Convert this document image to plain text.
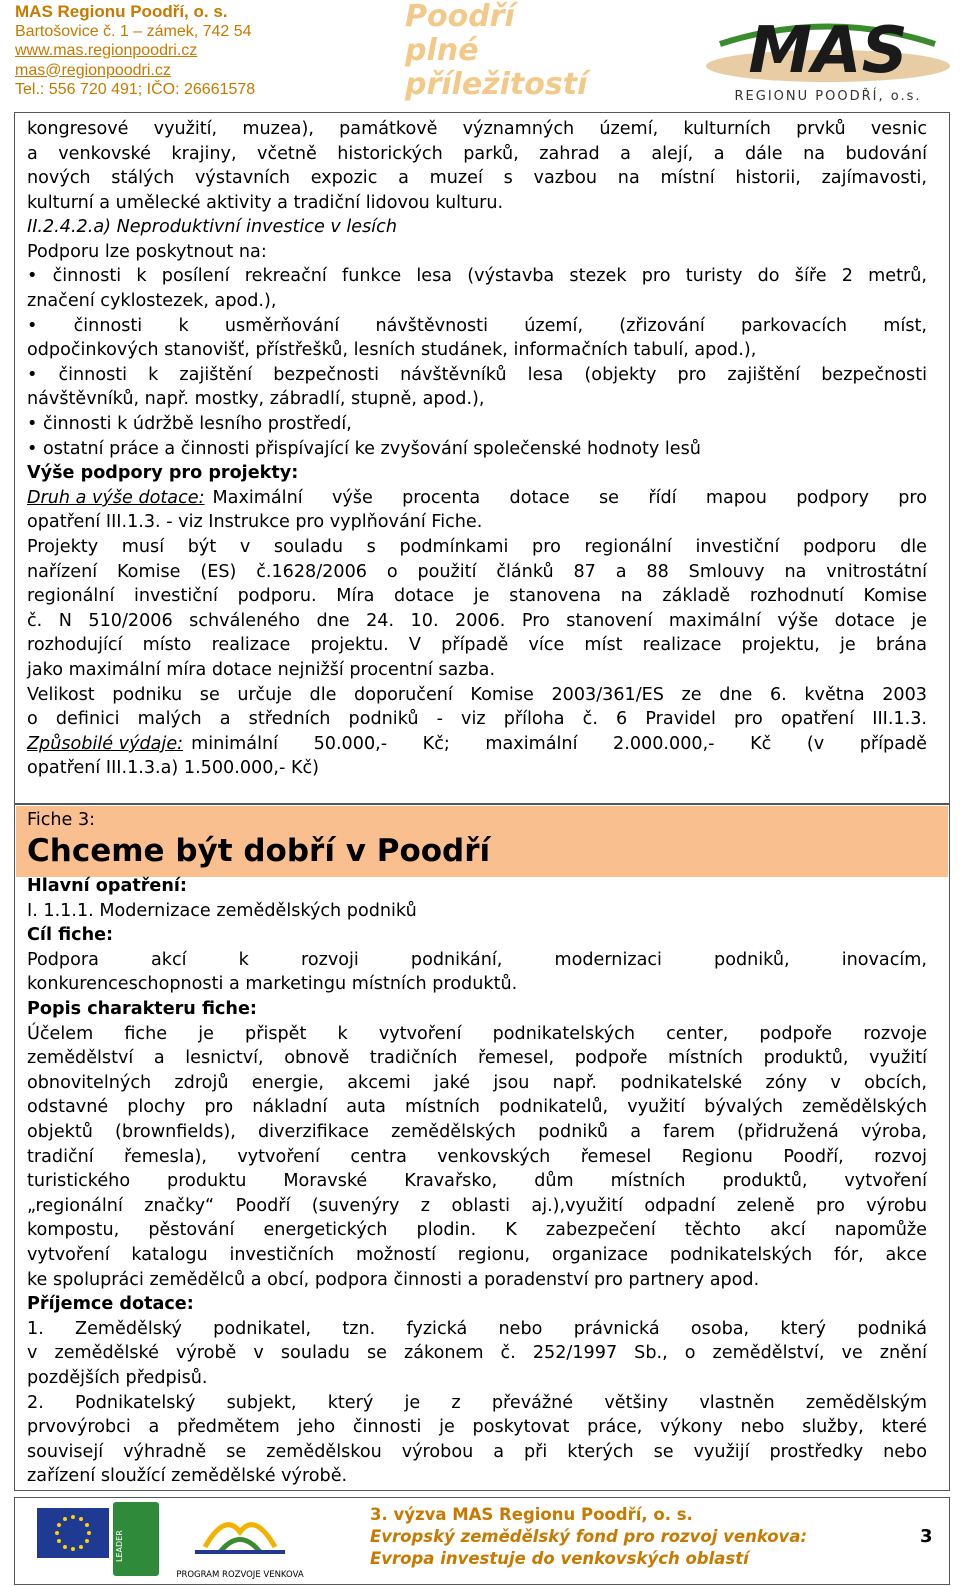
MAS Regionu Poodří, o. s.
Bartošovice č. 1 – zámek, 742 54
www.mas.regionpoodri.cz
mas@regionpoodri.cz
Tel.: 556 720 491; IČO: 26661578
Poodří
plné
příležitostí	MAS
REGIONU POODŘÍ, o.s.
kongresové využití, muzea), památkově významných území, kulturních prvků vesnic
a venkovské krajiny, včetně historických parků, zahrad a alejí, a dále na budování
nových stálých výstavních expozic a muzeí s vazbou na místní historii, zajímavosti,
kulturní a umělecké aktivity a tradiční lidovou kulturu.
II.2.4.2.a) Neproduktivní investice v lesích
Podporu lze poskytnout na:
• činnosti k posílení rekreační funkce lesa (výstavba stezek pro turisty do šíře 2 metrů,
značení cyklostezek, apod.),
• činnosti k usměrňování návštěvnosti území, (zřizování parkovacích míst,
odpočinkových stanovišť, přístřešků, lesních studánek, informačních tabulí, apod.),
• činnosti k zajištění bezpečnosti návštěvníků lesa (objekty pro zajištění bezpečnosti
návštěvníků, např. mostky, zábradlí, stupně, apod.),
• činnosti k údržbě lesního prostředí,
• ostatní práce a činnosti přispívající ke zvyšování společenské hodnoty lesů
Výše podpory pro projekty:
Druh a výše dotace: Maximální výše procenta dotace se řídí mapou podpory pro
opatření III.1.3. - viz Instrukce pro vyplňování Fiche.
Projekty musí být v souladu s podmínkami pro regionální investiční podporu dle
nařízení Komise (ES) č.1628/2006 o použití článků 87 a 88 Smlouvy na vnitrostátní
regionální investiční podporu. Míra dotace je stanovena na základě rozhodnutí Komise
č. N 510/2006 schváleného dne 24. 10. 2006. Pro stanovení maximální výše dotace je
rozhodující místo realizace projektu. V případě více míst realizace projektu, je brána
jako maximální míra dotace nejnižší procentní sazba.
Velikost podniku se určuje dle doporučení Komise 2003/361/ES ze dne 6. května 2003
o definici malých a středních podniků - viz příloha č. 6 Pravidel pro opatření III.1.3.
Způsobilé výdaje: minimální 50.000,- Kč; maximální 2.000.000,- Kč (v případě
opatření III.1.3.a) 1.500.000,- Kč)
Fiche 3:
Chceme být dobří v Poodří
Hlavní opatření:
I. 1.1.1. Modernizace zemědělských podniků
Cíl fiche:
Podpora akcí k rozvoji podnikání, modernizaci podniků, inovacím,
konkurenceschopnosti a marketingu místních produktů.
Popis charakteru fiche:
Účelem fiche je přispět k vytvoření podnikatelských center, podpoře rozvoje
zemědělství a lesnictví, obnově tradičních řemesel, podpoře místních produktů, využití
obnovitelných zdrojů energie, akcemi jaké jsou např. podnikatelské zóny v obcích,
odstavné plochy pro nákladní auta místních podnikatelů, využití bývalých zemědělských
objektů (brownfields), diverzifikace zemědělských podniků a farem (přidružená výroba,
tradiční řemesla), vytvoření centra venkovských řemesel Regionu Poodří, rozvoj
turistického produktu Moravské Kravařsko, dům místních produktů, vytvoření
„regionální značky“ Poodří (suvenýry z oblasti aj.),využití odpadní zeleně pro výrobu
kompostu, pěstování energetických plodin. K zabezpečení těchto akcí napomůže
vytvoření katalogu investičních možností regionu, organizace podnikatelských fór, akce
ke spolupráci zemědělců a obcí, podpora činnosti a poradenství pro partnery apod.
Příjemce dotace:
1. Zemědělský podnikatel, tzn. fyzická nebo právnická osoba, který podniká
v zemědělské výrobě v souladu se zákonem č. 252/1997 Sb., o zemědělství, ve znění
pozdějších předpisů.
2. Podnikatelský subjekt, který je z převážné většiny vlastněn zemědělským
prvovýrobci a předmětem jeho činnosti je poskytovat práce, výkony nebo služby, které
souvisejí výhradně se zemědělskou výrobou a při kterých se využijí prostředky nebo
zařízení sloužící zemědělské výrobě.
LEADER
PROGRAM ROZVOJE VENKOVA
3. výzva MAS Regionu Poodří, o. s.
Evropský zemědělský fond pro rozvoj venkova:
Evropa investuje do venkovských oblastí
3
